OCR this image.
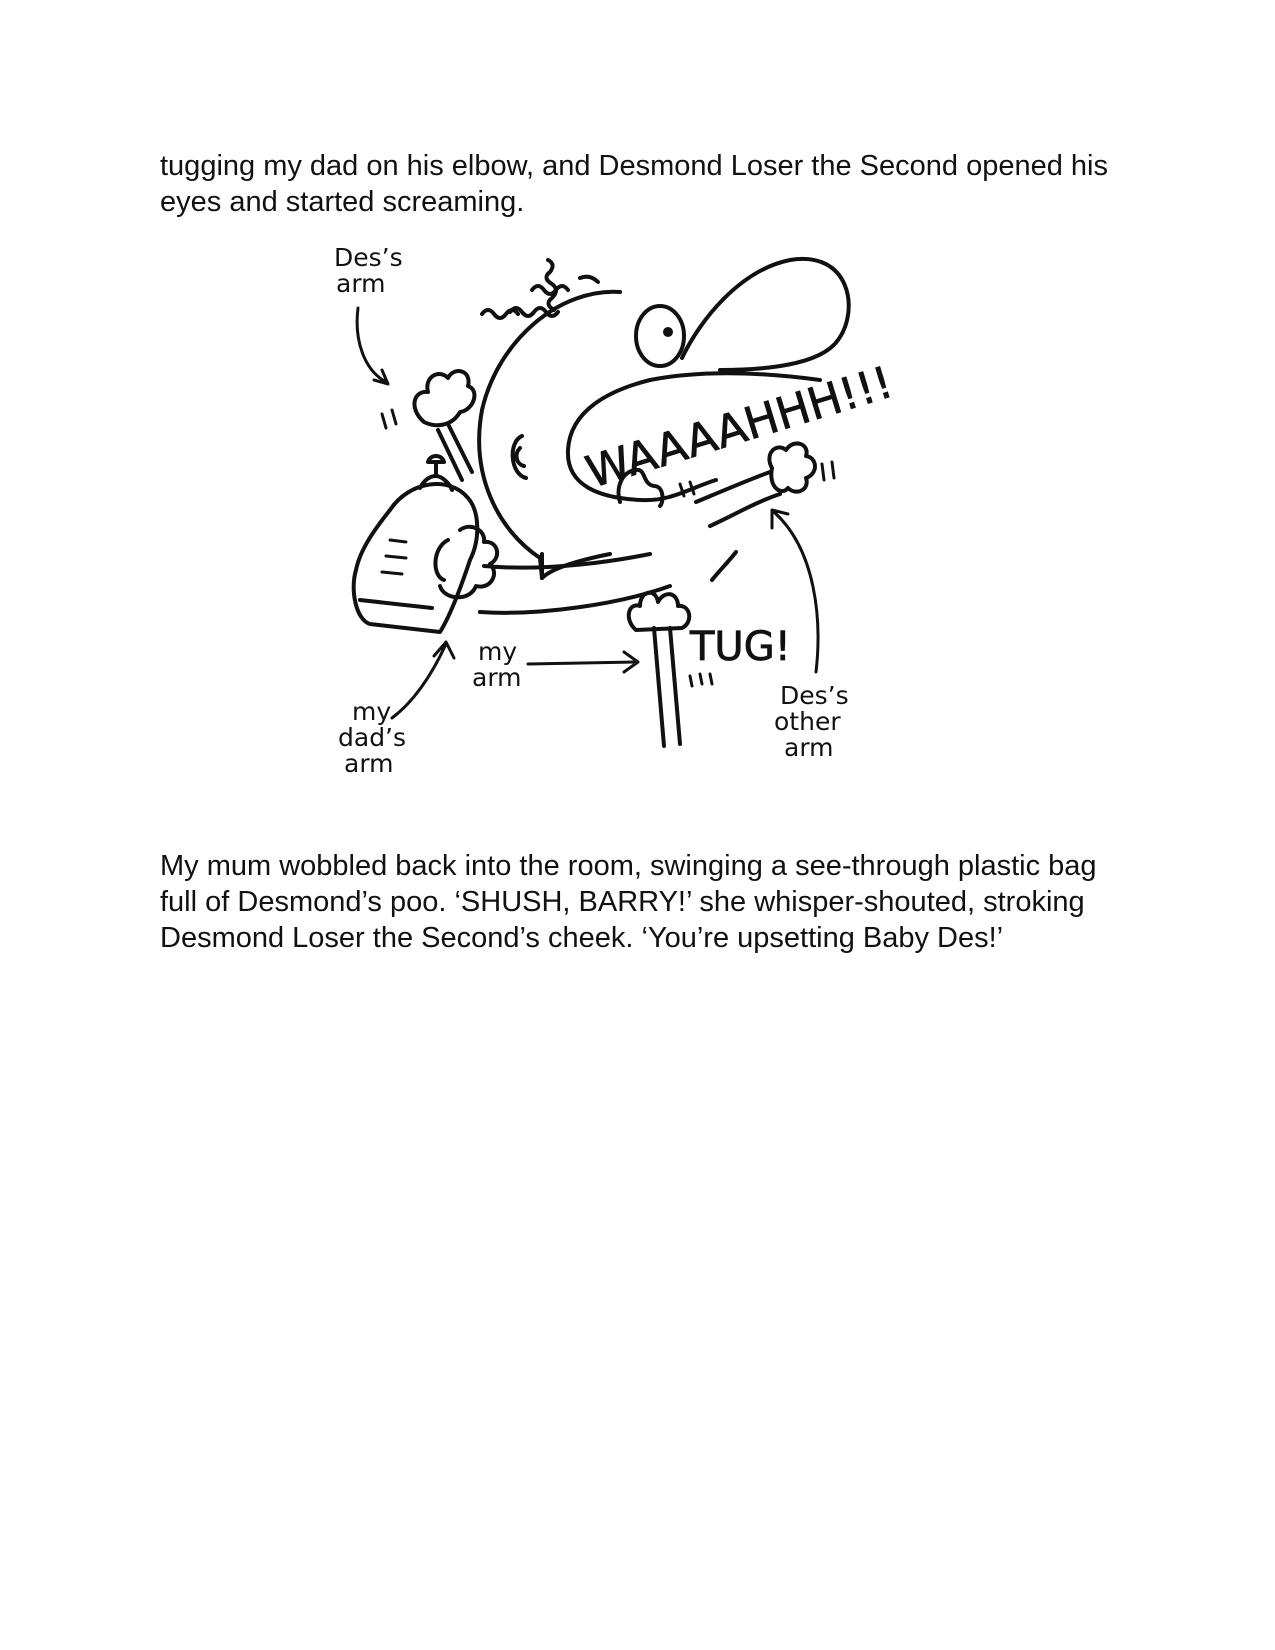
tugging my dad on his elbow, and Desmond Loser the Second opened his eyes and started screaming.

Des’s
arm
my
arm
my
dad’s
arm
Des’s
other
arm
WAAAAHHH!!!
TUG!

My mum wobbled back into the room, swinging a see-through plastic bag full of Desmond’s poo. ‘SHUSH, BARRY!’ she whisper-shouted, stroking Desmond Loser the Second’s cheek. ‘You’re upsetting Baby Des!’
